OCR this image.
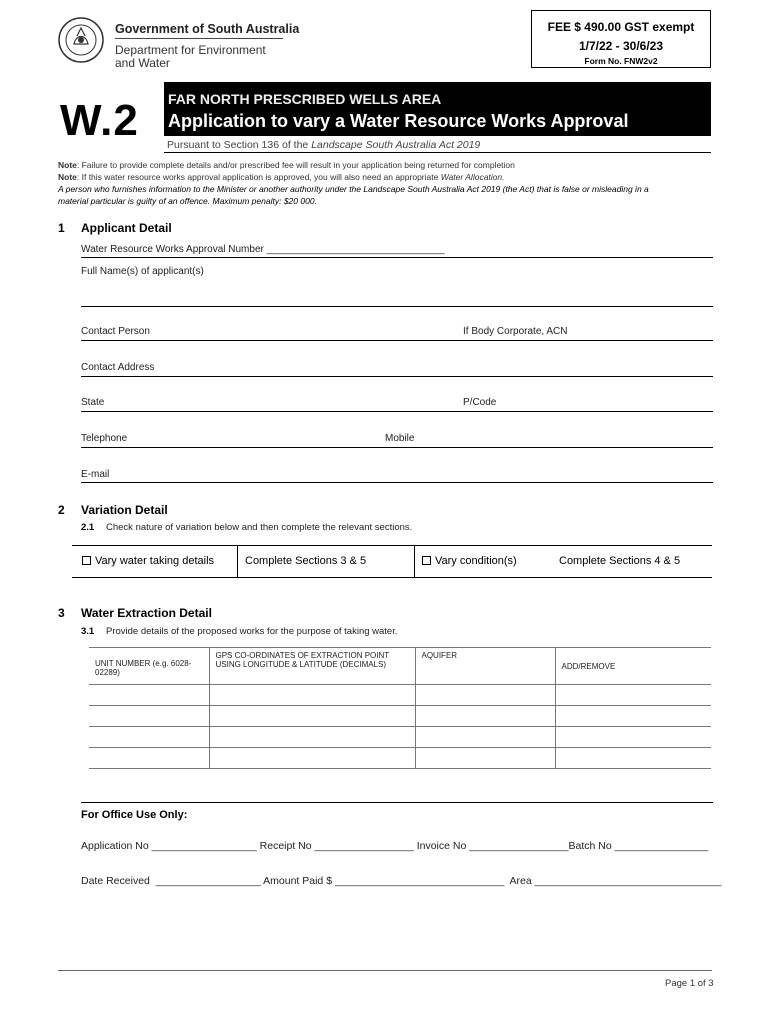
Government of South Australia
Department for Environment
and Water
FEE $ 490.00 GST exempt
1/7/22 - 30/6/23
Form No. FNW2v2
W.2 FAR NORTH PRESCRIBED WELLS AREA
Application to vary a Water Resource Works Approval
Pursuant to Section 136 of the Landscape South Australia Act 2019
Note: Failure to provide complete details and/or prescribed fee will result in your application being returned for completion
Note: If this water resource works approval application is approved, you will also need an appropriate Water Allocation.
A person who furnishes information to the Minister or another authority under the Landscape South Australia Act 2019 (the Act) that is false or misleading in a
material particular is guilty of an offence. Maximum penalty: $20 000.
1 Applicant Detail
Water Resource Works Approval Number ________________________________
Full Name(s) of applicant(s)
Contact Person	If Body Corporate, ACN
Contact Address
State	P/Code
Telephone	Mobile
E-mail
2 Variation Detail
2.1 Check nature of variation below and then complete the relevant sections.
Vary water taking details	Complete Sections 3 & 5	Vary condition(s)	Complete Sections 4 & 5
3 Water Extraction Detail
3.1 Provide details of the proposed works for the purpose of taking water.
UNIT NUMBER (e.g. 6028-02289)	GPS CO-ORDINATES OF EXTRACTION POINT USING LONGITUDE & LATITUDE (DECIMALS)	AQUIFER	ADD/REMOVE

For Office Use Only:
Application No __________________ Receipt No _________________ Invoice No _________________Batch No ________________
Date Received  __________________ Amount Paid $ _____________________________  Area ________________________________
Page 1 of 3
